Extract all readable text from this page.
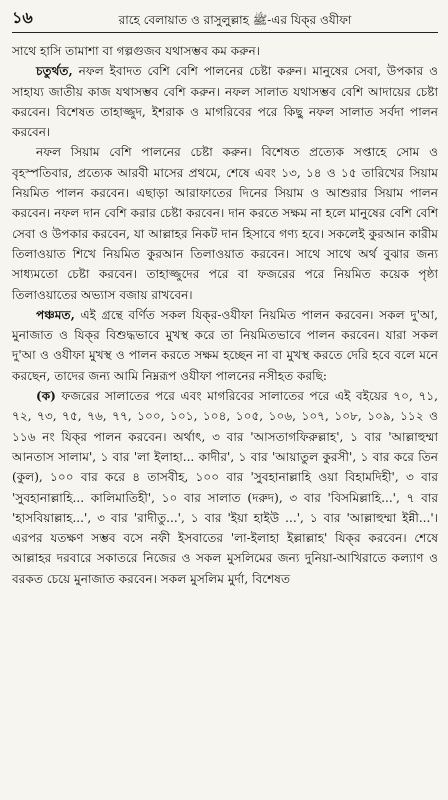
১৬	রাহে বেলায়াত ও রাসুলুল্লাহ ﷺ-এর যিক্‌র ওযীফা

সাথে হাসি তামাশা বা গল্পগুজব যথাসম্ভব কম করুন।

চতুর্থত, নফল ইবাদত বেশি বেশি পালনের চেষ্টা করুন। মানুষের সেবা, উপকার ও সাহায্য জাতীয় কাজ যথাসম্ভব বেশি করুন। নফল সালাত যথাসম্ভব বেশি আদায়ের চেষ্টা করবেন। বিশেষত তাহাজ্জুদ, ইশরাক ও মাগরিবের পরে কিছু নফল সালাত সর্বদা পালন করবেন।

নফল সিয়াম বেশি পালনের চেষ্টা করুন। বিশেষত প্রত্যেক সপ্তাহে সোম ও বৃহস্পতিবার, প্রত্যেক আরবী মাসের প্রথমে, শেষে এবং ১৩, ১৪ ও ১৫ তারিখের সিয়াম নিয়মিত পালন করবেন। এছাড়া আরাফাতের দিনের সিয়াম ও আশুরার সিয়াম পালন করবেন। নফল দান বেশি করার চেষ্টা করবেন। দান করতে সক্ষম না হলে মানুষের বেশি বেশি সেবা ও উপকার করবেন, যা আল্লাহর নিকট দান হিসাবে গণ্য হবে। সকলেই কুরআন কারীম তিলাওয়াত শিখে নিয়মিত কুরআন তিলাওয়াত করবেন। সাথে সাথে অর্থ বুঝার জন্য সাধ্যমতো চেষ্টা করবেন। তাহাজ্জুদের পরে বা ফজরের পরে নিয়মিত কয়েক পৃষ্ঠা তিলাওয়াতের অভ্যাস বজায় রাখবেন।

পঞ্চমত, এই গ্রন্থে বর্ণিত সকল যিক্‌র-ওযীফা নিয়মিত পালন করবেন। সকল দু'আ, মুনাজাত ও যিক্‌র বিশুদ্ধভাবে মুখস্থ করে তা নিয়মিতভাবে পালন করবেন। যারা সকল দু'আ ও ওযীফা মুখস্থ ও পালন করতে সক্ষম হচ্ছেন না বা মুখস্থ করতে দেরি হবে বলে মনে করছেন, তাদের জন্য আমি নিম্নরূপ ওযীফা পালনের নসীহত করছি:

(ক) ফজরের সালাতের পরে এবং মাগরিবের সালাতের পরে এই বইয়ের ৭০, ৭১, ৭২, ৭৩, ৭৫, ৭৬, ৭৭, ১০০, ১০১, ১০৪, ১০৫, ১০৬, ১০৭, ১০৮, ১০৯, ১১২ ও ১১৬ নং যিক্‌র পালন করবেন। অর্থাৎ, ৩ বার 'আসতাগফিরুল্লাহ', ১ বার 'আল্লাহুম্মা আনতাস সালাম', ১ বার 'লা ইলাহা... কাদীর', ১ বার 'আয়াতুল কুরসী', ১ বার করে তিন (কুল), ১০০ বার করে ৪ তাসবীহ, ১০০ বার 'সুবহানাল্লাহি ওয়া বিহামদিহী', ৩ বার 'সুবহানাল্লাহি... কালিমাতিহী', ১০ বার সালাত (দরুদ), ৩ বার 'বিসমিল্লাহি...', ৭ বার 'হাসবিয়াল্লাহ...', ৩ বার 'রাদীতু...', ১ বার 'ইয়া হাইউ ...', ১ বার 'আল্লাহুম্মা ইন্নী...'। এরপর যতক্ষণ সম্ভব বসে নফী ইসবাতের 'লা-ইলাহা ইল্লাল্লাহ' যিক্‌র করবেন। শেষে আল্লাহর দরবারে সকাতরে নিজের ও সকল মুসলিমের জন্য দুনিয়া-আখিরাতে কল্যাণ ও বরকত চেয়ে মুনাজাত করবেন। সকল মুসলিম মুর্দা, বিশেষত
